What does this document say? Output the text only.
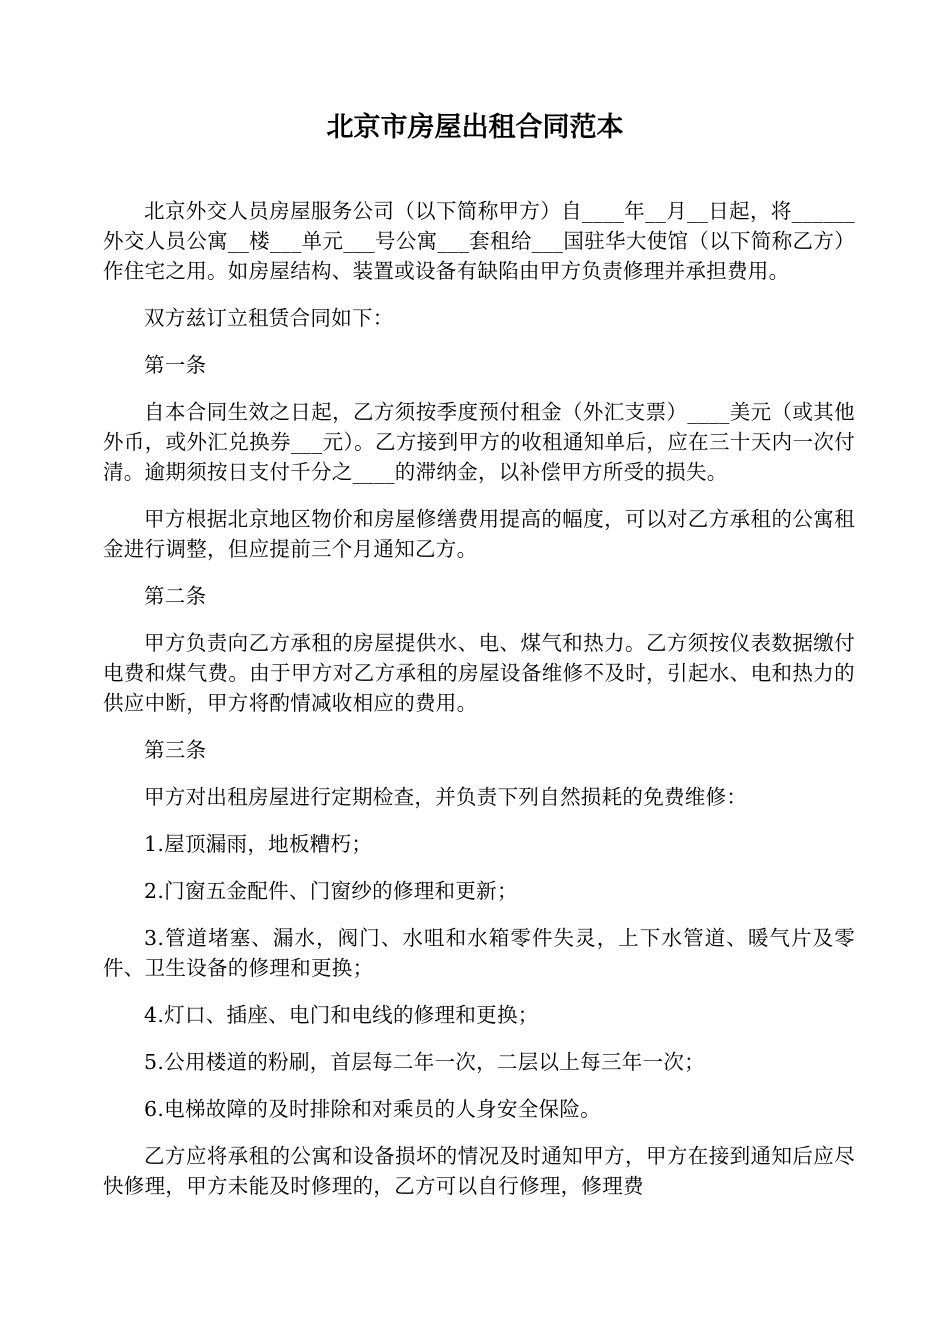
北京市房屋出租合同范本

北京外交人员房屋服务公司（以下简称甲方）自____年__月__日起，将______外交人员公寓__楼___单元___号公寓___套租给___国驻华大使馆（以下简称乙方）作住宅之用。如房屋结构、装置或设备有缺陷由甲方负责修理并承担费用。

双方兹订立租赁合同如下：

第一条

自本合同生效之日起，乙方须按季度预付租金（外汇支票）____美元（或其他外币，或外汇兑换券___元）。乙方接到甲方的收租通知单后，应在三十天内一次付清。逾期须按日支付千分之____的滞纳金，以补偿甲方所受的损失。

甲方根据北京地区物价和房屋修缮费用提高的幅度，可以对乙方承租的公寓租金进行调整，但应提前三个月通知乙方。

第二条

甲方负责向乙方承租的房屋提供水、电、煤气和热力。乙方须按仪表数据缴付电费和煤气费。由于甲方对乙方承租的房屋设备维修不及时，引起水、电和热力的供应中断，甲方将酌情减收相应的费用。

第三条

甲方对出租房屋进行定期检查，并负责下列自然损耗的免费维修：

1.屋顶漏雨，地板糟朽；

2.门窗五金配件、门窗纱的修理和更新；

3.管道堵塞、漏水，阀门、水咀和水箱零件失灵，上下水管道、暖气片及零件、卫生设备的修理和更换；

4.灯口、插座、电门和电线的修理和更换；

5.公用楼道的粉刷，首层每二年一次，二层以上每三年一次；

6.电梯故障的及时排除和对乘员的人身安全保险。

乙方应将承租的公寓和设备损坏的情况及时通知甲方，甲方在接到通知后应尽快修理，甲方未能及时修理的，乙方可以自行修理，修理费
